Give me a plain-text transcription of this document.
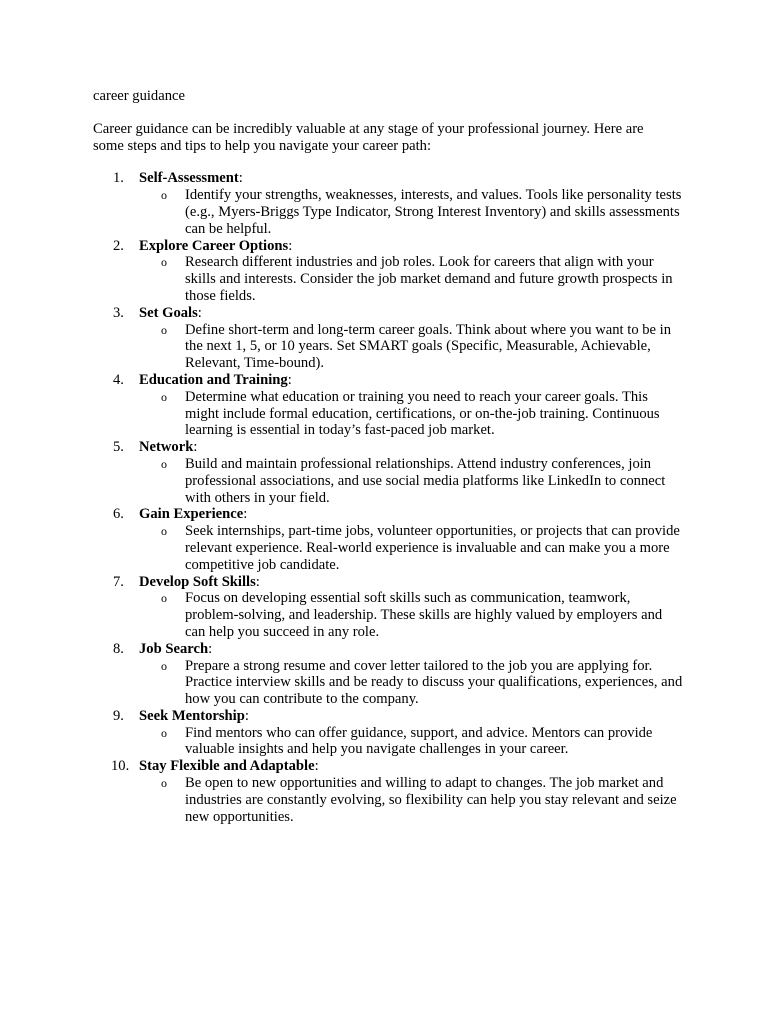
career guidance

Career guidance can be incredibly valuable at any stage of your professional journey. Here are some steps and tips to help you navigate your career path:

1.	Self-Assessment:
o Identify your strengths, weaknesses, interests, and values. Tools like personality tests (e.g., Myers-Briggs Type Indicator, Strong Interest Inventory) and skills assessments can be helpful.
2.	Explore Career Options:
o Research different industries and job roles. Look for careers that align with your skills and interests. Consider the job market demand and future growth prospects in those fields.
3.	Set Goals:
o Define short-term and long-term career goals. Think about where you want to be in the next 1, 5, or 10 years. Set SMART goals (Specific, Measurable, Achievable, Relevant, Time-bound).
4.	Education and Training:
o Determine what education or training you need to reach your career goals. This might include formal education, certifications, or on-the-job training. Continuous learning is essential in today’s fast-paced job market.
5.	Network:
o Build and maintain professional relationships. Attend industry conferences, join professional associations, and use social media platforms like LinkedIn to connect with others in your field.
6.	Gain Experience:
o Seek internships, part-time jobs, volunteer opportunities, or projects that can provide relevant experience. Real-world experience is invaluable and can make you a more competitive job candidate.
7.	Develop Soft Skills:
o Focus on developing essential soft skills such as communication, teamwork, problem-solving, and leadership. These skills are highly valued by employers and can help you succeed in any role.
8.	Job Search:
o Prepare a strong resume and cover letter tailored to the job you are applying for. Practice interview skills and be ready to discuss your qualifications, experiences, and how you can contribute to the company.
9.	Seek Mentorship:
o Find mentors who can offer guidance, support, and advice. Mentors can provide valuable insights and help you navigate challenges in your career.
10. Stay Flexible and Adaptable:
o Be open to new opportunities and willing to adapt to changes. The job market and industries are constantly evolving, so flexibility can help you stay relevant and seize new opportunities.
